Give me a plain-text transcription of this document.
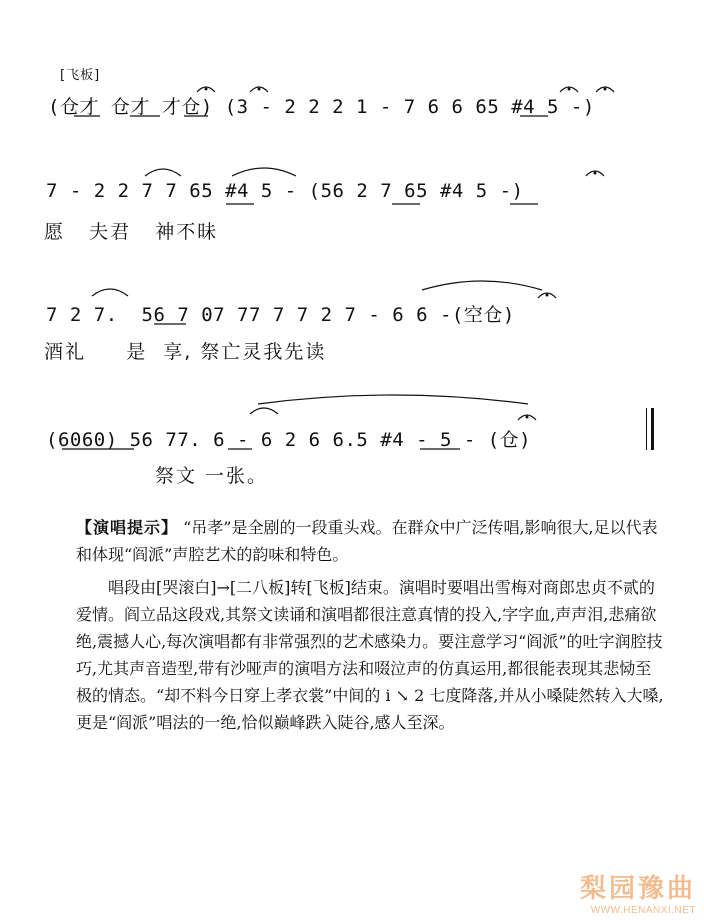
[飞板]
(仓才 仓才 才仓) (3 - 2 2 2 1 - 7 6 6 65 #4 5 -)
7 - 2 2 7 7 65 #4 5 - (56 2 7 65 #4 5 -)
愿   夫君   神不昧
7 2 7.  56 7 07 77 7 7 2 7 - 6 6 -(空仓)
酒礼     是  享, 祭亡灵我先读
(6060) 56 77. 6 - 6 2 6 6.5 #4 - 5 - (仓)
祭文 一张。

【演唱提示】 “吊孝”是全剧的一段重头戏。在群众中广泛传唱,影响很大,足以代表和体现“阎派”声腔艺术的韵味和特色。

唱段由[哭滚白]→[二八板]转[飞板]结束。演唱时要唱出雪梅对商郎忠贞不贰的爱情。阎立品这段戏,其祭文读诵和演唱都很注意真情的投入,字字血,声声泪,悲痛欲绝,震撼人心,每次演唱都有非常强烈的艺术感染力。要注意学习“阎派”的吐字润腔技巧,尤其声音造型,带有沙哑声的演唱方法和啜泣声的仿真运用,都很能表现其悲恸至极的情态。“却不料今日穿上孝衣裳”中间的 i ↘ 2 七度降落,并从小嗓陡然转入大嗓,更是“阎派”唱法的一绝,恰似巅峰跌入陡谷,感人至深。

梨园豫曲
WWW.HENANXI.NET
